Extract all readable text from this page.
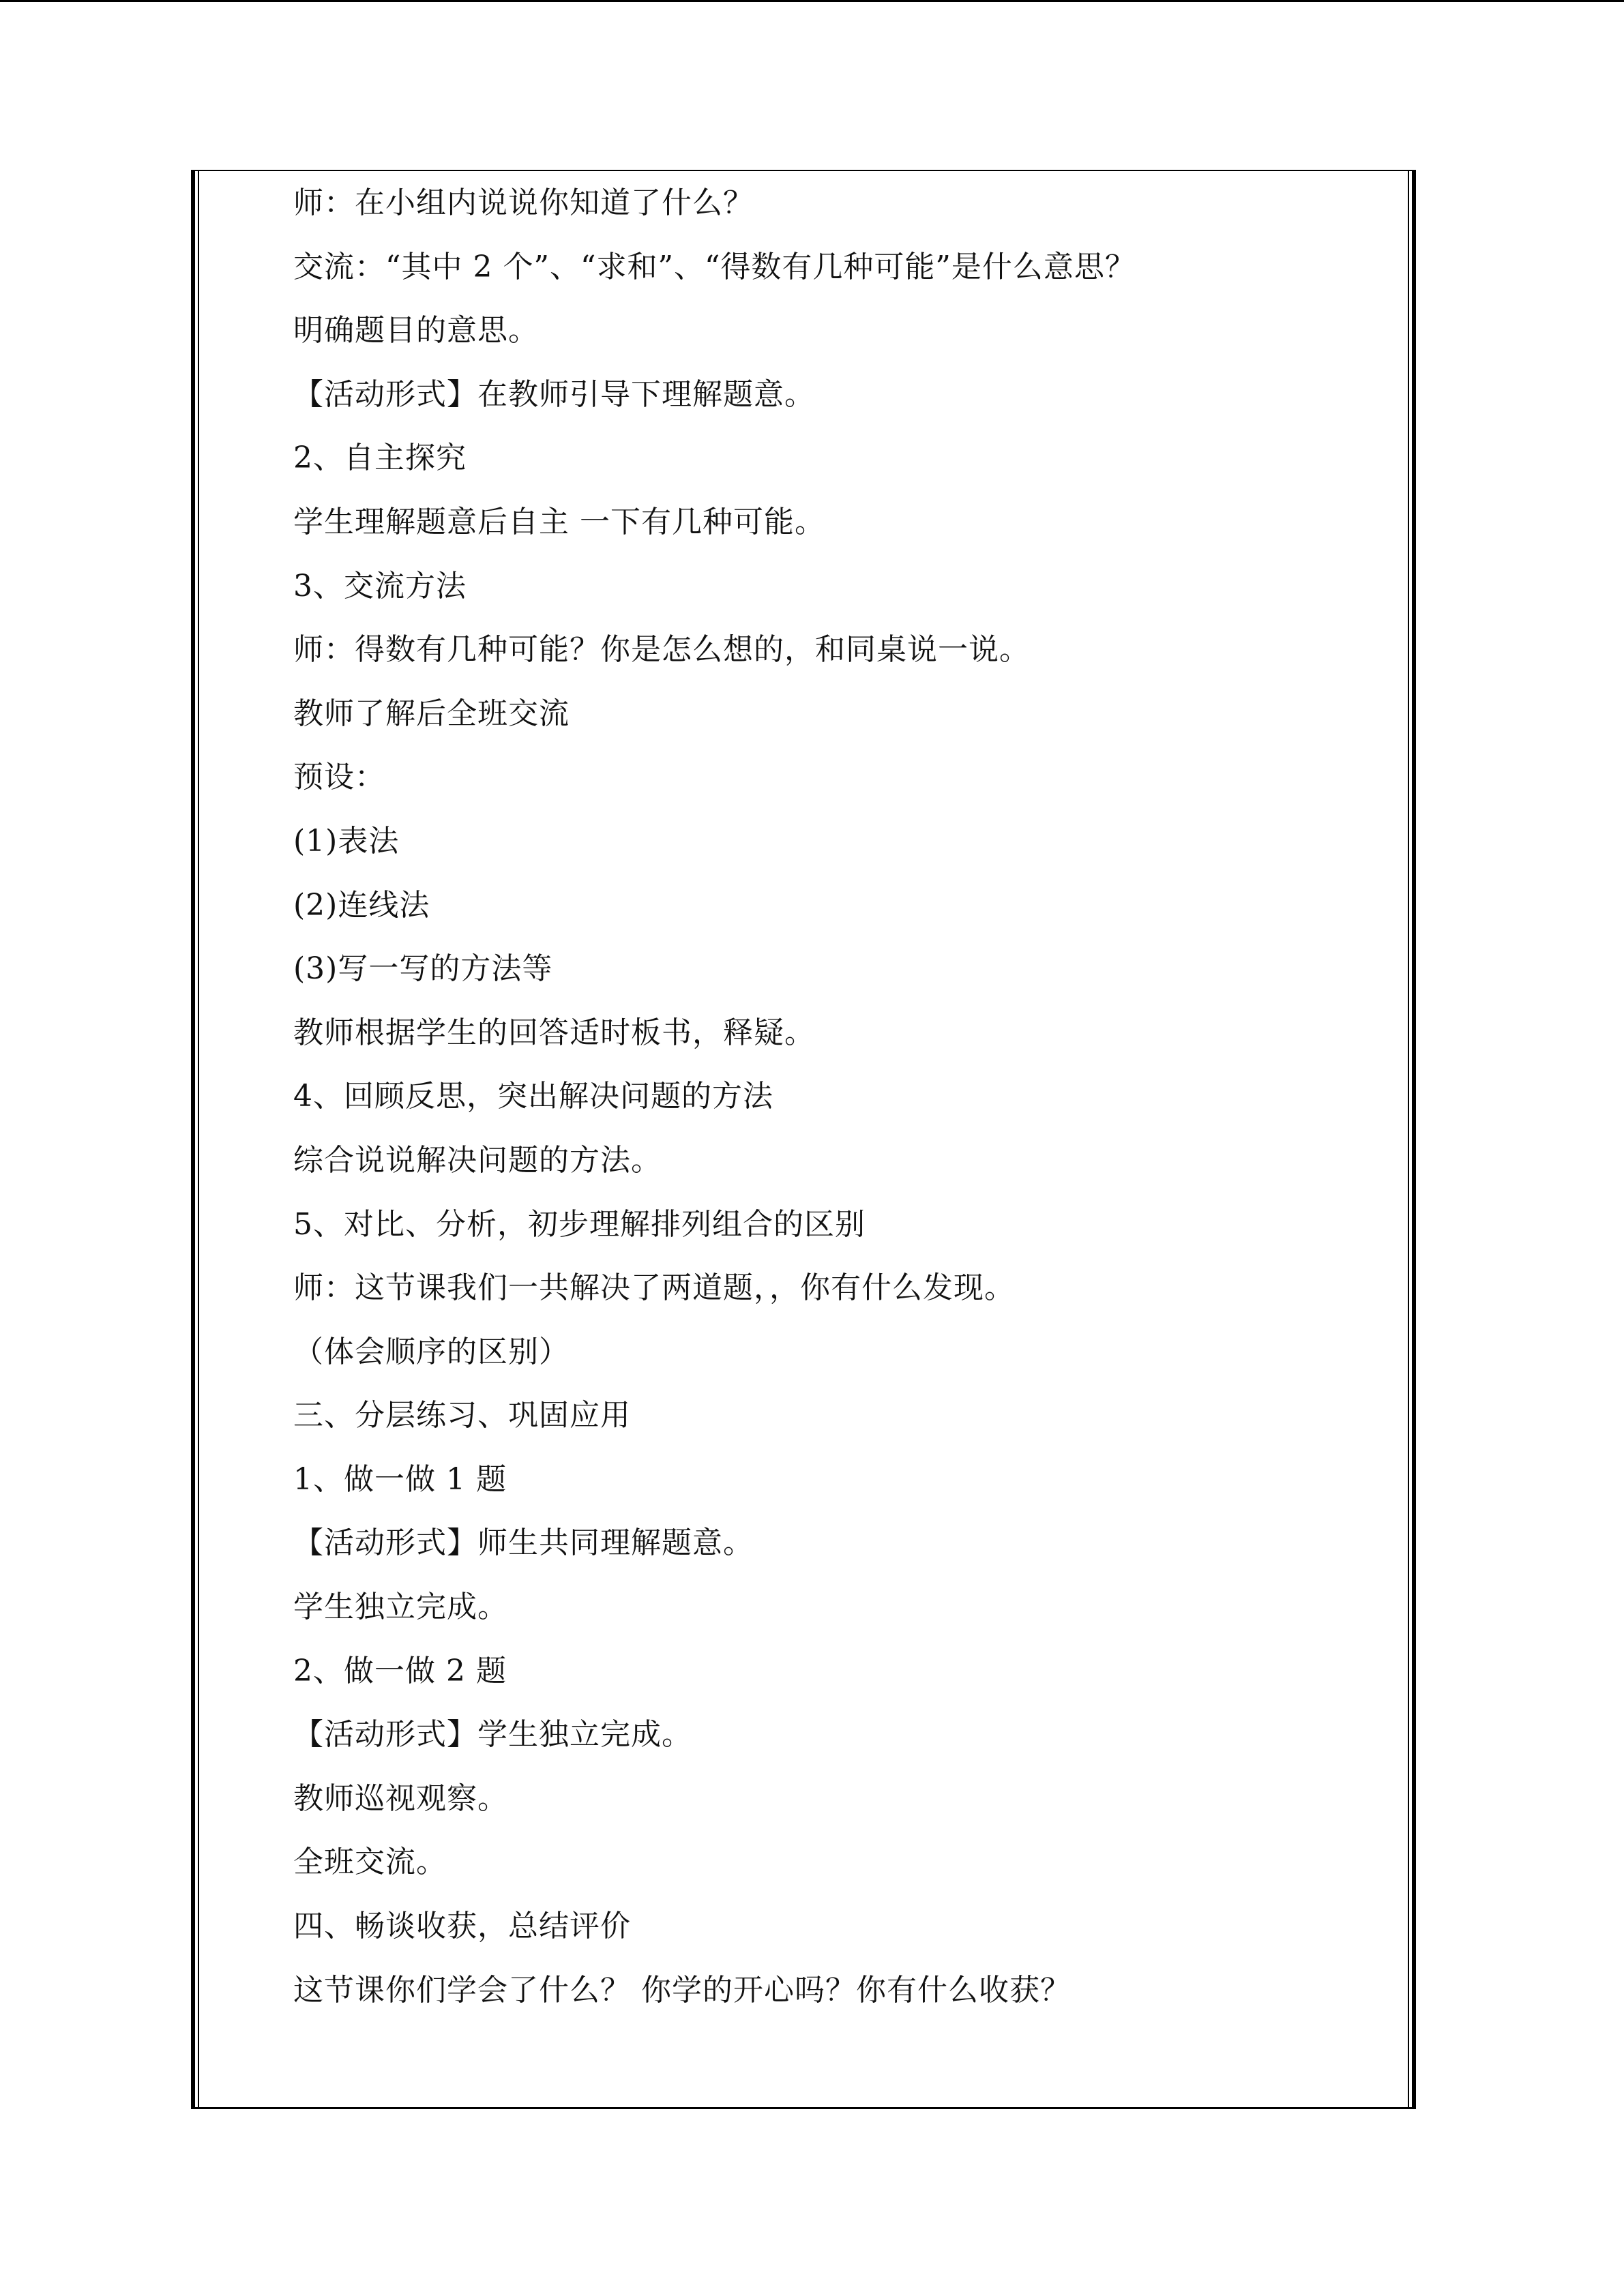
师：在小组内说说你知道了什么？
交流：“其中 2 个”、“求和”、“得数有几种可能”是什么意思？
明确题目的意思。
【活动形式】在教师引导下理解题意。
2、自主探究
学生理解题意后自主 一下有几种可能。
3、交流方法
师：得数有几种可能？你是怎么想的，和同桌说一说。
教师了解后全班交流
预设：
(1)表法
(2)连线法
(3)写一写的方法等
教师根据学生的回答适时板书，释疑。
4、回顾反思，突出解决问题的方法
综合说说解决问题的方法。
5、对比、分析，初步理解排列组合的区别
师：这节课我们一共解决了两道题，，你有什么发现。
（体会顺序的区别）
三、分层练习、巩固应用
1、做一做 1 题
【活动形式】师生共同理解题意。
学生独立完成。
2、做一做 2 题
【活动形式】学生独立完成。
教师巡视观察。
全班交流。
四、畅谈收获，总结评价
这节课你们学会了什么？ 你学的开心吗？你有什么收获？
